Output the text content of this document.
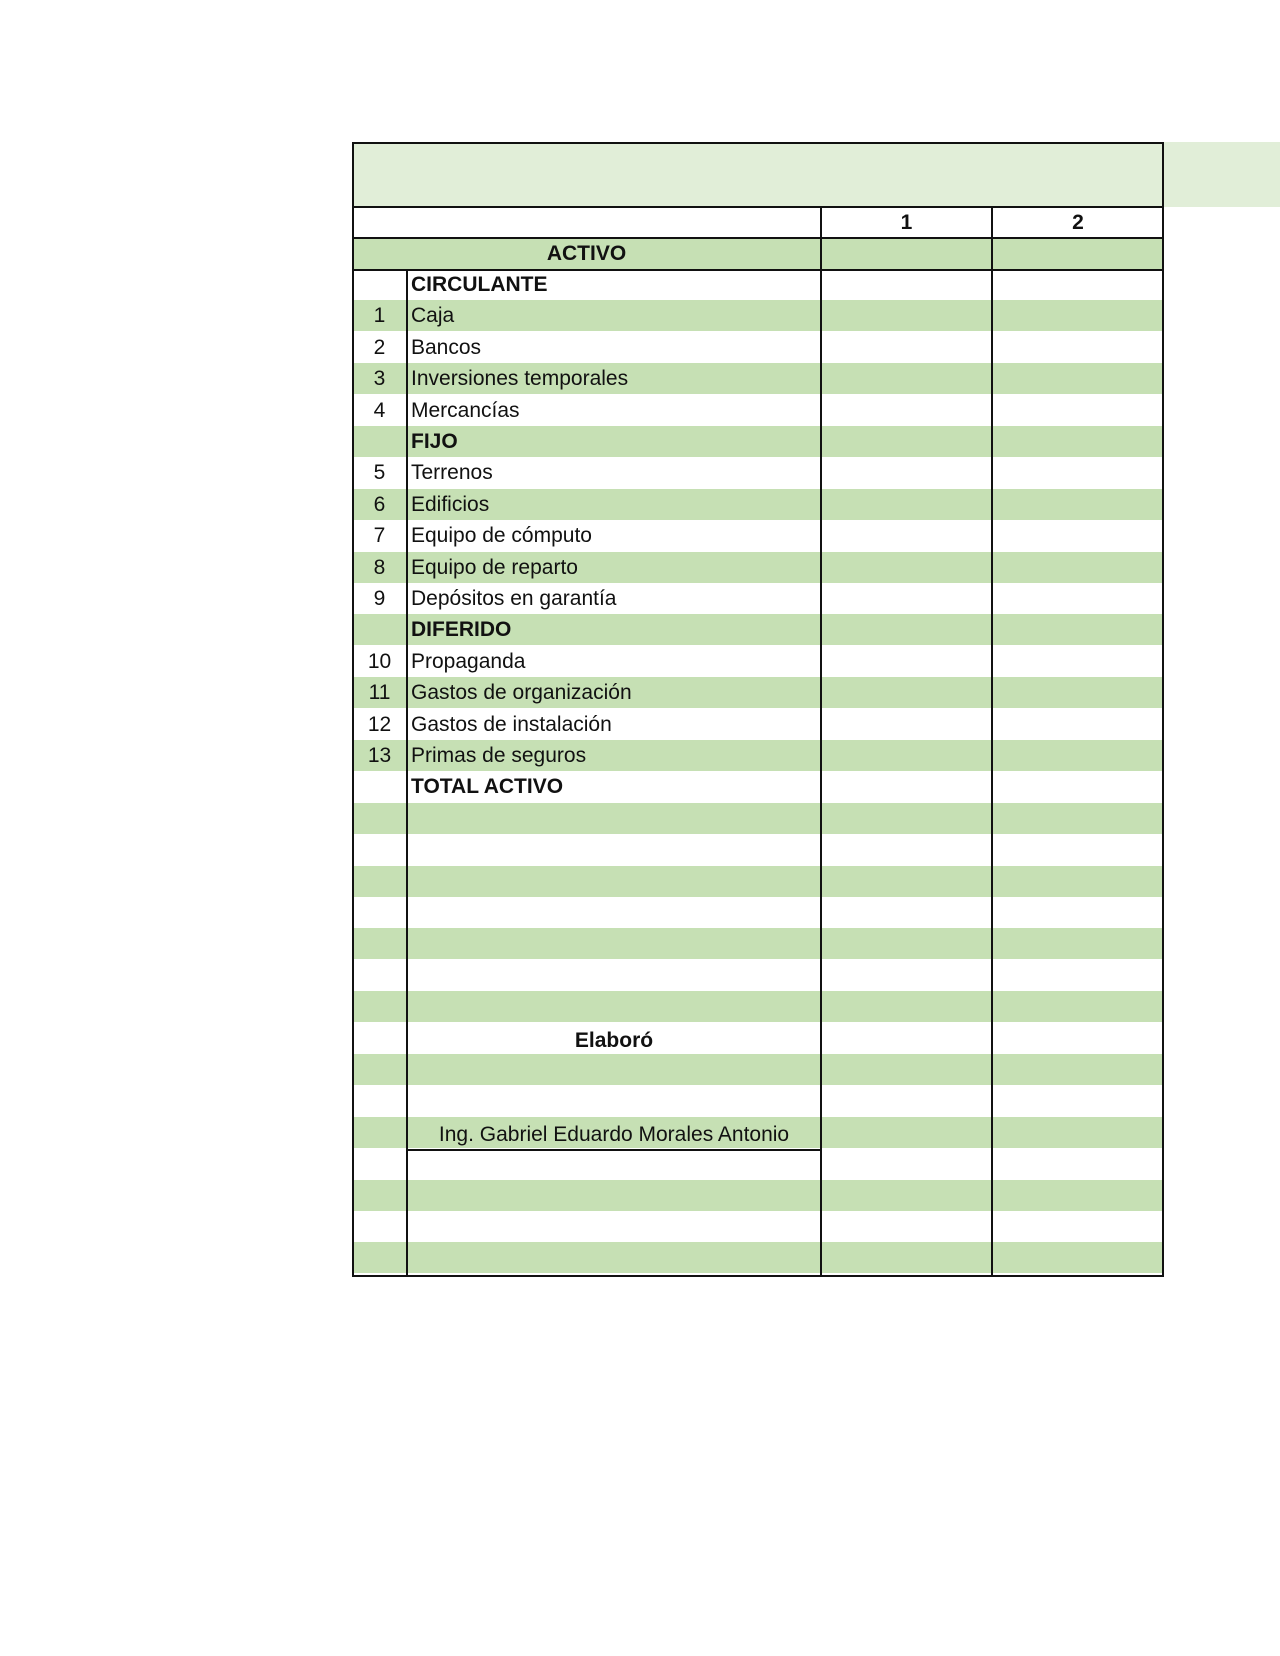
1	2
ACTIVO
CIRCULANTE
1	Caja
2	Bancos
3	Inversiones temporales
4	Mercancías
FIJO
5	Terrenos
6	Edificios
7	Equipo de cómputo
8	Equipo de reparto
9	Depósitos en garantía
DIFERIDO
10 Propaganda
11 Gastos de organización
12 Gastos de instalación
13 Primas de seguros
TOTAL ACTIVO
Elaboró
Ing. Gabriel Eduardo Morales Antonio
